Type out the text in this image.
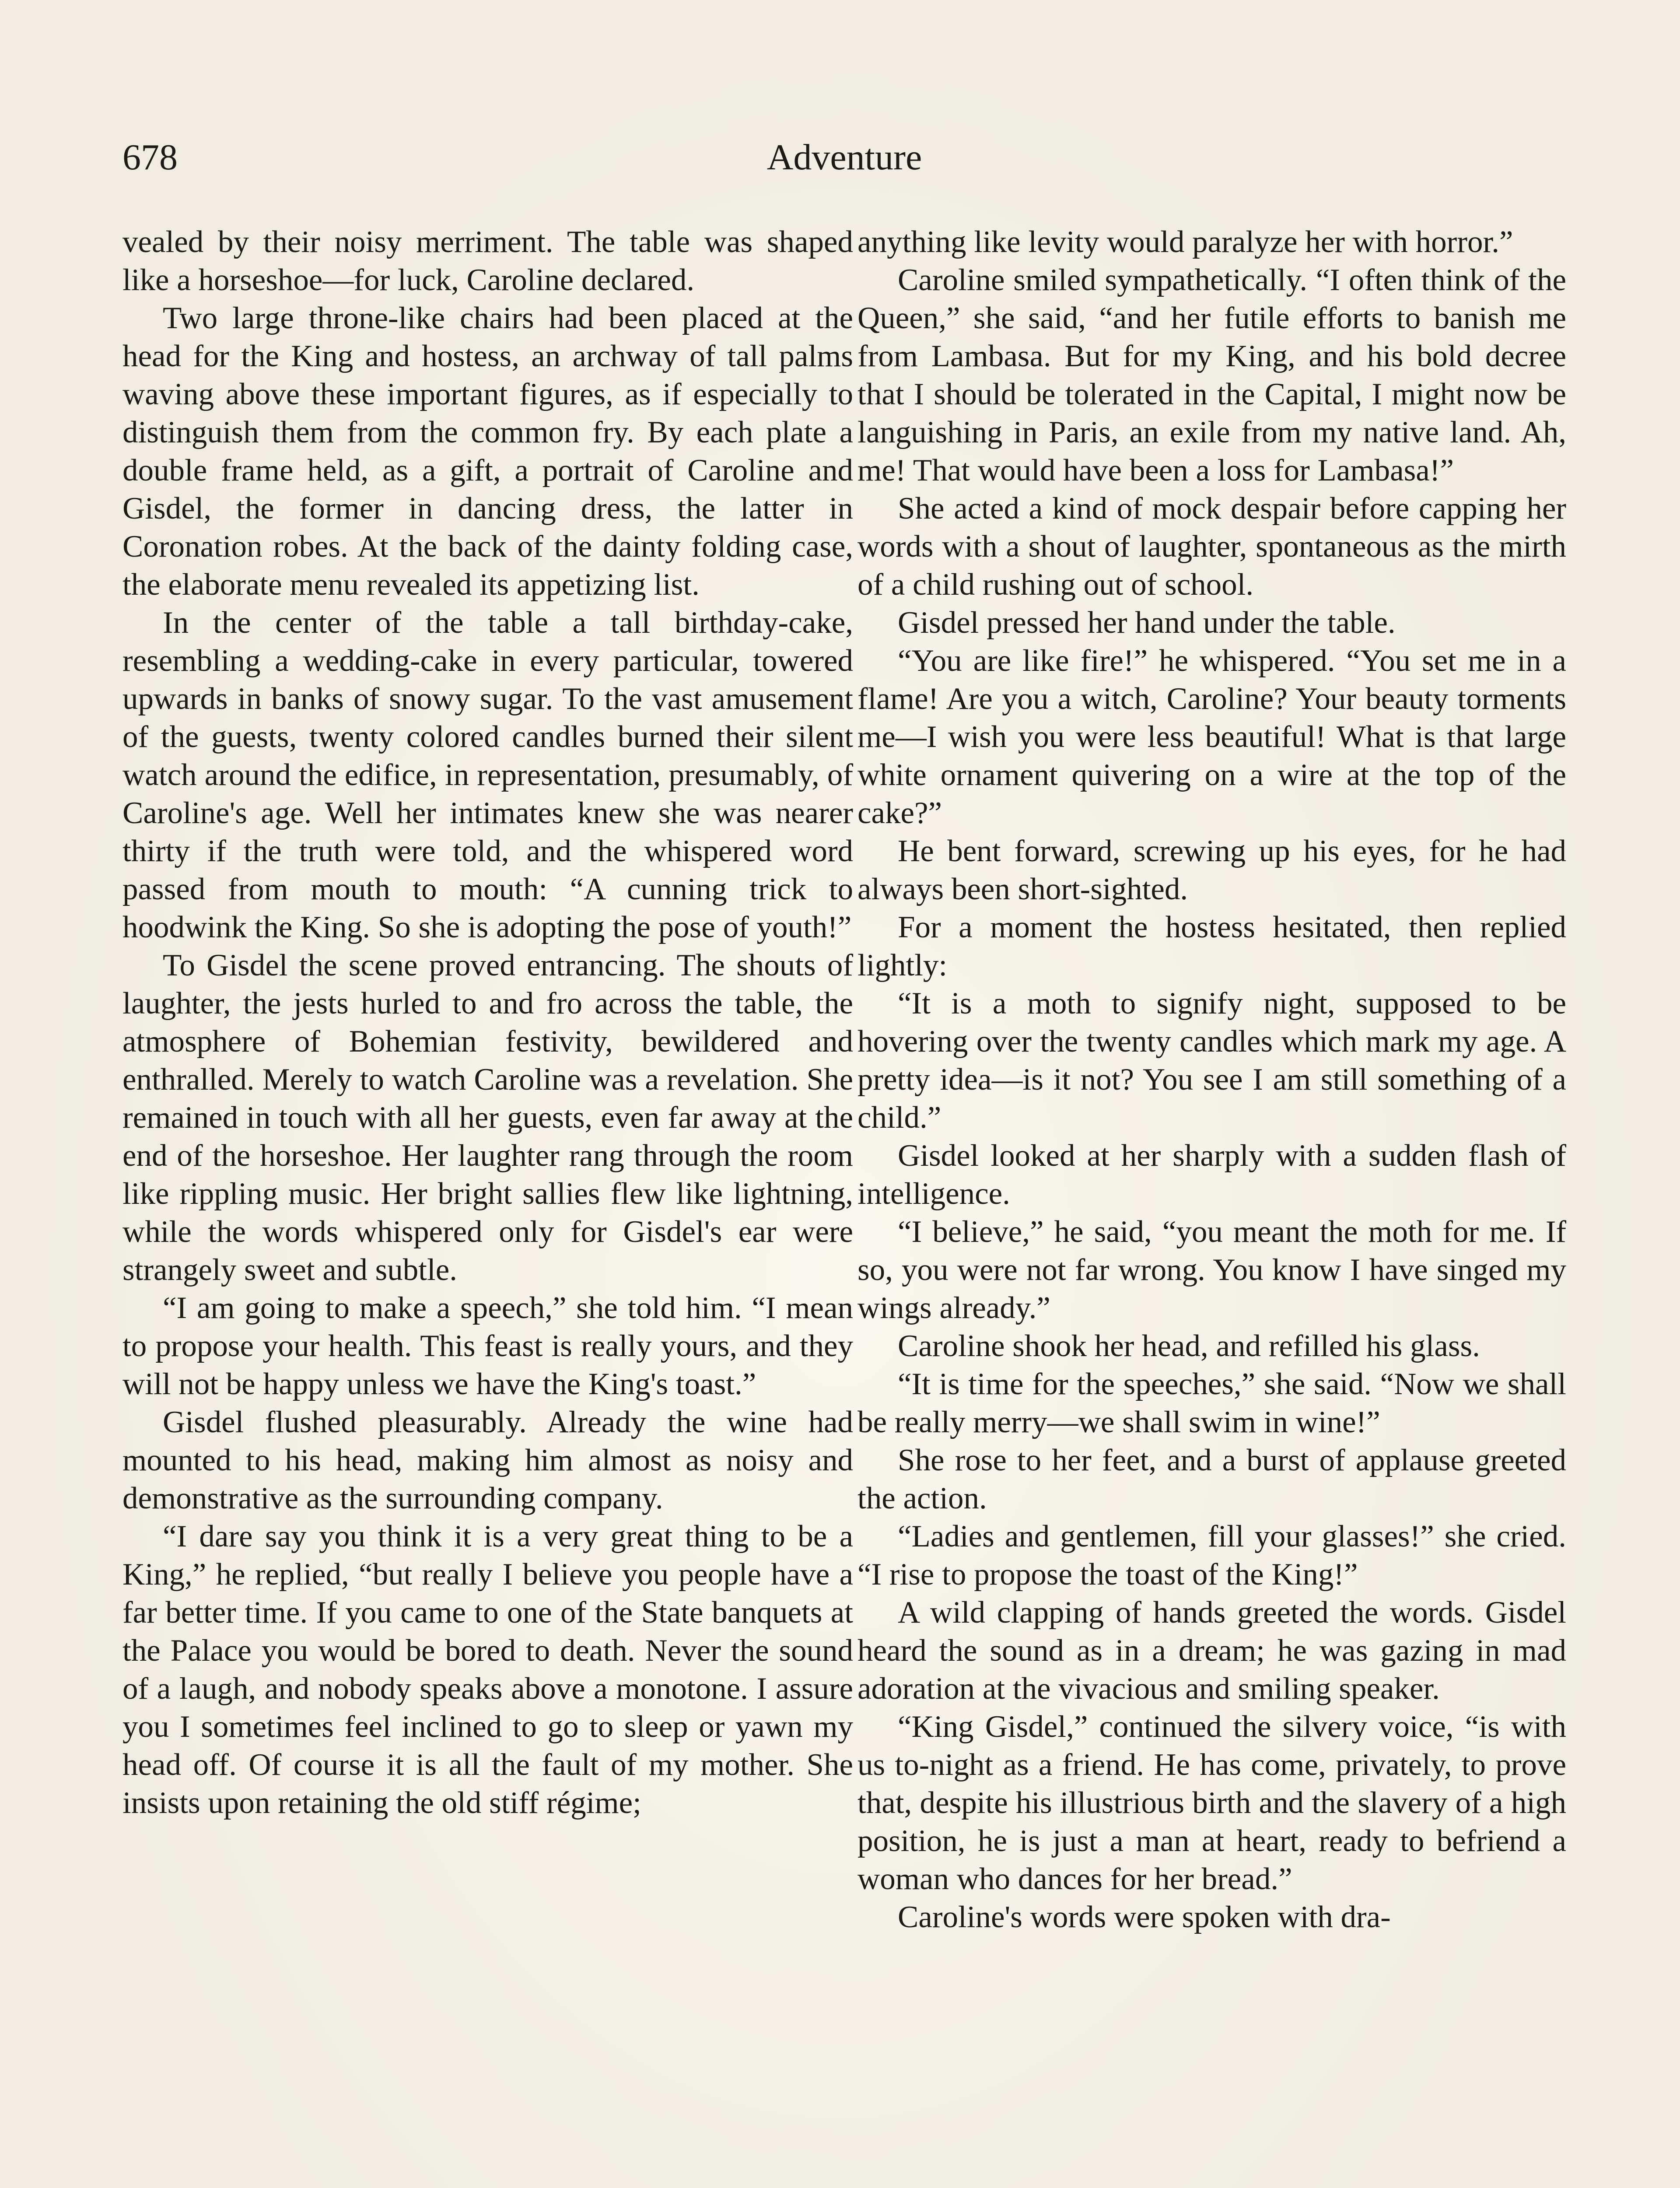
678	Adventure

vealed by their noisy merriment. The table was shaped like a horseshoe—for luck, Caroline declared.

Two large throne-like chairs had been placed at the head for the King and hostess, an archway of tall palms waving above these important figures, as if especially to distinguish them from the common fry. By each plate a double frame held, as a gift, a portrait of Caroline and Gisdel, the former in dancing dress, the latter in Coronation robes. At the back of the dainty folding case, the elaborate menu revealed its appetizing list.

In the center of the table a tall birthday-cake, resembling a wedding-cake in every particular, towered upwards in banks of snowy sugar. To the vast amusement of the guests, twenty colored candles burned their silent watch around the edifice, in representation, presumably, of Caroline's age. Well her intimates knew she was nearer thirty if the truth were told, and the whispered word passed from mouth to mouth: “A cunning trick to hoodwink the King. So she is adopting the pose of youth!”

To Gisdel the scene proved entrancing. The shouts of laughter, the jests hurled to and fro across the table, the atmosphere of Bohemian festivity, bewildered and enthralled. Merely to watch Caroline was a revelation. She remained in touch with all her guests, even far away at the end of the horseshoe. Her laughter rang through the room like rippling music. Her bright sallies flew like lightning, while the words whispered only for Gisdel's ear were strangely sweet and subtle.

“I am going to make a speech,” she told him. “I mean to propose your health. This feast is really yours, and they will not be happy unless we have the King's toast.”

Gisdel flushed pleasurably. Already the wine had mounted to his head, making him almost as noisy and demonstrative as the surrounding company.

“I dare say you think it is a very great thing to be a King,” he replied, “but really I believe you people have a far better time. If you came to one of the State banquets at the Palace you would be bored to death. Never the sound of a laugh, and nobody speaks above a monotone. I assure you I sometimes feel inclined to go to sleep or yawn my head off. Of course it is all the fault of my mother. She insists upon retaining the old stiff régime;

anything like levity would paralyze her with horror.”

Caroline smiled sympathetically. “I often think of the Queen,” she said, “and her futile efforts to banish me from Lambasa. But for my King, and his bold decree that I should be tolerated in the Capital, I might now be languishing in Paris, an exile from my native land. Ah, me! That would have been a loss for Lambasa!”

She acted a kind of mock despair before capping her words with a shout of laughter, spontaneous as the mirth of a child rushing out of school.

Gisdel pressed her hand under the table.

“You are like fire!” he whispered. “You set me in a flame! Are you a witch, Caroline? Your beauty torments me—I wish you were less beautiful! What is that large white ornament quivering on a wire at the top of the cake?”

He bent forward, screwing up his eyes, for he had always been short-sighted.

For a moment the hostess hesitated, then replied lightly:

“It is a moth to signify night, supposed to be hovering over the twenty candles which mark my age. A pretty idea—is it not? You see I am still something of a child.”

Gisdel looked at her sharply with a sudden flash of intelligence.

“I believe,” he said, “you meant the moth for me. If so, you were not far wrong. You know I have singed my wings already.”

Caroline shook her head, and refilled his glass.

“It is time for the speeches,” she said. “Now we shall be really merry—we shall swim in wine!”

She rose to her feet, and a burst of applause greeted the action.

“Ladies and gentlemen, fill your glasses!” she cried. “I rise to propose the toast of the King!”

A wild clapping of hands greeted the words. Gisdel heard the sound as in a dream; he was gazing in mad adoration at the vivacious and smiling speaker.

“King Gisdel,” continued the silvery voice, “is with us to-night as a friend. He has come, privately, to prove that, despite his illustrious birth and the slavery of a high position, he is just a man at heart, ready to befriend a woman who dances for her bread.”

Caroline's words were spoken with dra-
